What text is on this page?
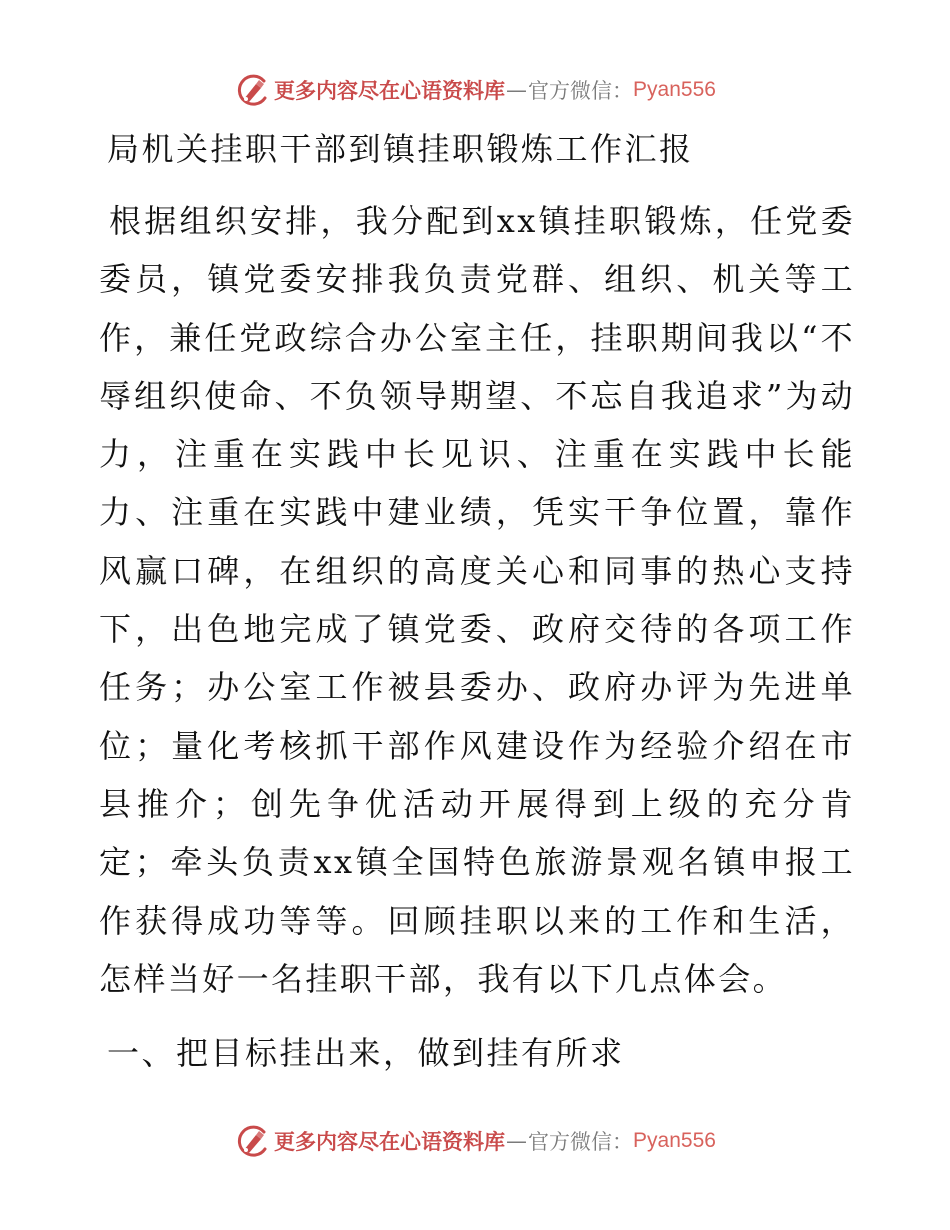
更多内容尽在心语资料库 — 官方微信： Pyan556
局机关挂职干部到镇挂职锻炼工作汇报

根据组织安排，我分配到xx镇挂职锻炼，任党委委员，镇党委安排我负责党群、组织、机关等工作，兼任党政综合办公室主任，挂职期间我以“不辱组织使命、不负领导期望、不忘自我追求”为动力，注重在实践中长见识、注重在实践中长能力、注重在实践中建业绩，凭实干争位置，靠作风赢口碑，在组织的高度关心和同事的热心支持下，出色地完成了镇党委、政府交待的各项工作任务；办公室工作被县委办、政府办评为先进单位；量化考核抓干部作风建设作为经验介绍在市县推介；创先争优活动开展得到上级的充分肯定；牵头负责xx镇全国特色旅游景观名镇申报工作获得成功等等。回顾挂职以来的工作和生活，怎样当好一名挂职干部，我有以下几点体会。

一、把目标挂出来，做到挂有所求
更多内容尽在心语资料库 — 官方微信： Pyan556
